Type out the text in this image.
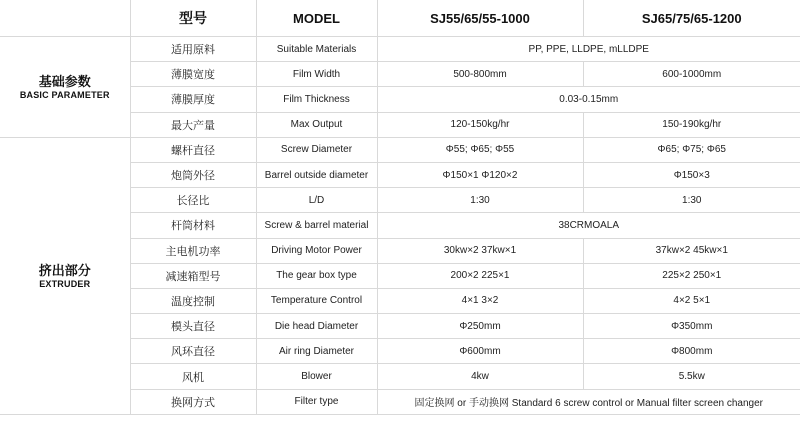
	型号	MODEL	SJ55/65/55-1000	SJ65/75/65-1200

基础参数
BASIC PARAMETER	适用原料	Suitable Materials	PP, PPE, LLDPE, mLLDPE	
	薄膜宽度	Film Width	500-800mm	600-1000mm
	薄膜厚度	Film Thickness	0.03-0.15mm	
	最大产量	Max Output	120-150kg/hr	150-190kg/hr

挤出部分
EXTRUDER	螺杆直径	Screw Diameter	Φ55; Φ65; Φ55	Φ65; Φ75; Φ65
	炮筒外径	Barrel outside diameter	Φ150×1 Φ120×2	Φ150×3
	长径比	L/D	1:30	1:30
	杆筒材料	Screw & barrel material	38CRMOALA	
	主电机功率	Driving Motor Power	30kw×2 37kw×1	37kw×2 45kw×1
	减速箱型号	The gear box type	200×2 225×1	225×2 250×1
	温度控制	Temperature Control	4×1 3×2	4×2 5×1
	模头直径	Die head Diameter	Φ250mm	Φ350mm
	风环直径	Air ring Diameter	Φ600mm	Φ800mm
	风机	Blower	4kw	5.5kw
	换网方式	Filter type	固定换网 or 手动换网 Standard 6 screw control or Manual filter screen changer	
